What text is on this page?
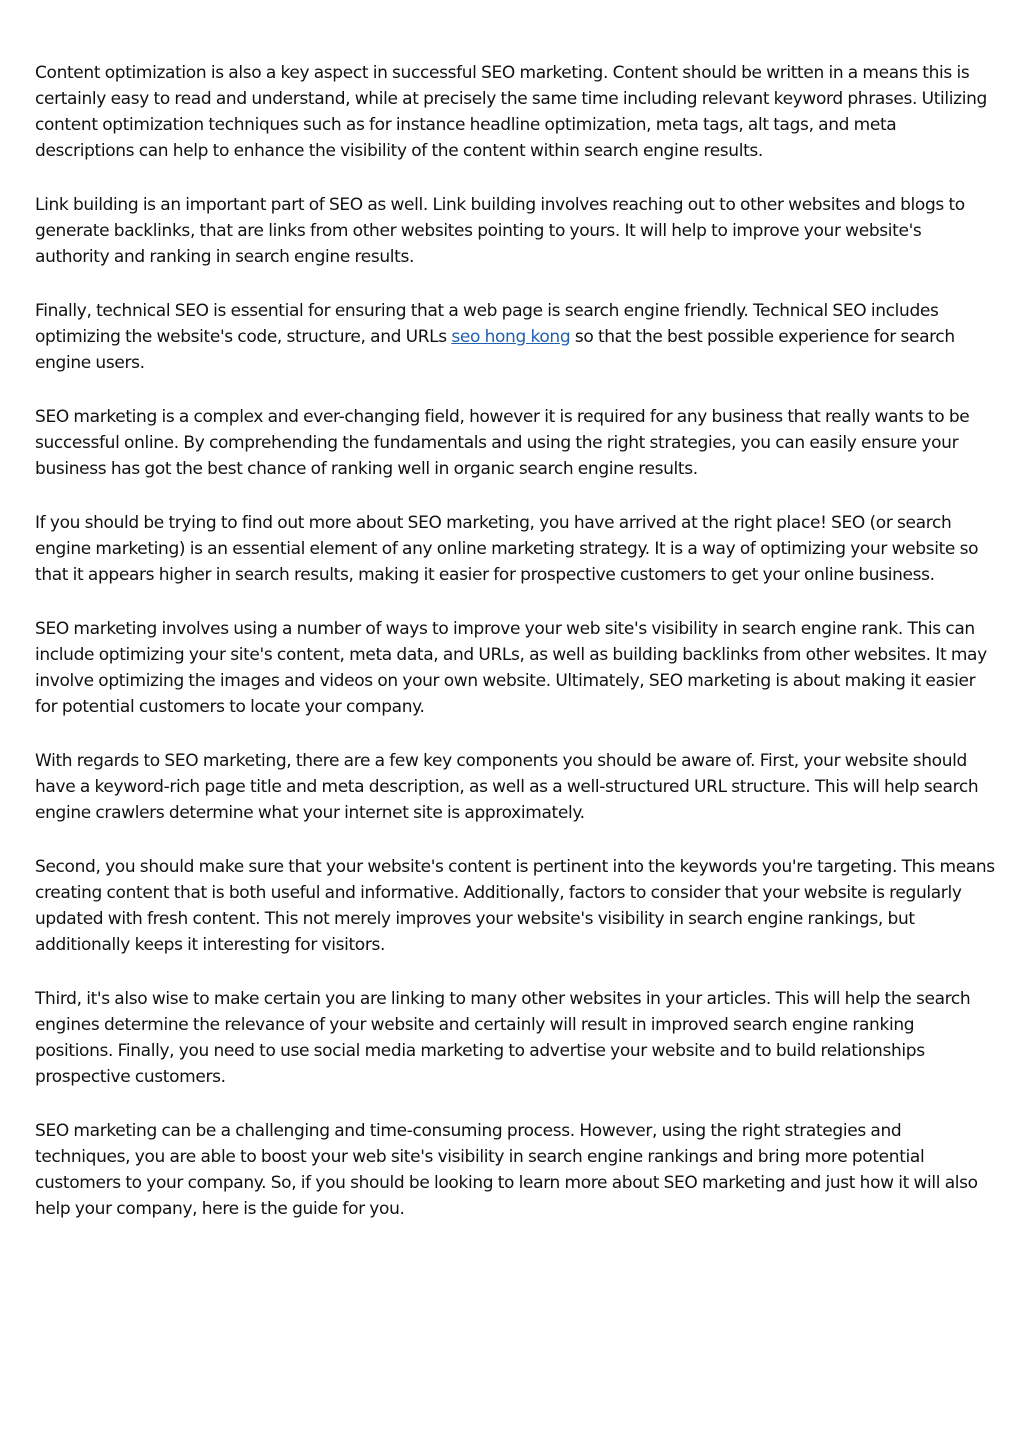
Content optimization is also a key aspect in successful SEO marketing. Content should be written in a means this is certainly easy to read and understand, while at precisely the same time including relevant keyword phrases. Utilizing content optimization techniques such as for instance headline optimization, meta tags, alt tags, and meta descriptions can help to enhance the visibility of the content within search engine results.

Link building is an important part of SEO as well. Link building involves reaching out to other websites and blogs to generate backlinks, that are links from other websites pointing to yours. It will help to improve your website's authority and ranking in search engine results.

Finally, technical SEO is essential for ensuring that a web page is search engine friendly. Technical SEO includes optimizing the website's code, structure, and URLs seo hong kong so that the best possible experience for search engine users.

SEO marketing is a complex and ever-changing field, however it is required for any business that really wants to be successful online. By comprehending the fundamentals and using the right strategies, you can easily ensure your business has got the best chance of ranking well in organic search engine results.

If you should be trying to find out more about SEO marketing, you have arrived at the right place! SEO (or search engine marketing) is an essential element of any online marketing strategy. It is a way of optimizing your website so that it appears higher in search results, making it easier for prospective customers to get your online business.

SEO marketing involves using a number of ways to improve your web site's visibility in search engine rank. This can include optimizing your site's content, meta data, and URLs, as well as building backlinks from other websites. It may involve optimizing the images and videos on your own website. Ultimately, SEO marketing is about making it easier for potential customers to locate your company.

With regards to SEO marketing, there are a few key components you should be aware of. First, your website should have a keyword-rich page title and meta description, as well as a well-structured URL structure. This will help search engine crawlers determine what your internet site is approximately.

Second, you should make sure that your website's content is pertinent into the keywords you're targeting. This means creating content that is both useful and informative. Additionally, factors to consider that your website is regularly updated with fresh content. This not merely improves your website's visibility in search engine rankings, but additionally keeps it interesting for visitors.

Third, it's also wise to make certain you are linking to many other websites in your articles. This will help the search engines determine the relevance of your website and certainly will result in improved search engine ranking positions. Finally, you need to use social media marketing to advertise your website and to build relationships prospective customers.

SEO marketing can be a challenging and time-consuming process. However, using the right strategies and techniques, you are able to boost your web site's visibility in search engine rankings and bring more potential customers to your company. So, if you should be looking to learn more about SEO marketing and just how it will also help your company, here is the guide for you.
